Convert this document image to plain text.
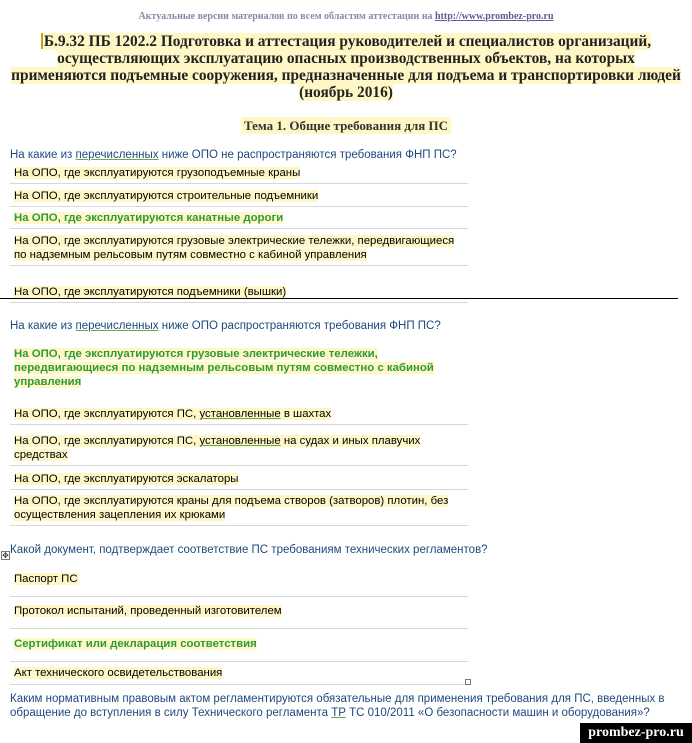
Актуальные версии материалов по всем областям аттестации на http://www.prombez-pro.ru
Б.9.32 ПБ 1202.2 Подготовка и аттестация руководителей и специалистов организаций, осуществляющих эксплуатацию опасных производственных объектов, на которых применяются подъемные сооружения, предназначенные для подъема и транспортировки людей (ноябрь 2016)
Тема 1. Общие требования для ПС
На какие из перечисленных ниже ОПО не распространяются требования ФНП ПС?
На ОПО, где эксплуатируются грузоподъемные краны
На ОПО, где эксплуатируются строительные подъемники
На ОПО, где эксплуатируются канатные дороги
На ОПО, где эксплуатируются грузовые электрические тележки, передвигающиеся по надземным рельсовым путям совместно с кабиной управления
На ОПО, где эксплуатируются подъемники (вышки)
На какие из перечисленных ниже ОПО распространяются требования ФНП ПС?
На ОПО, где эксплуатируются грузовые электрические тележки, передвигающиеся по надземным рельсовым путям совместно с кабиной управления
На ОПО, где эксплуатируются ПС, установленные в шахтах
На ОПО, где эксплуатируются ПС, установленные на судах и иных плавучих средствах
На ОПО, где эксплуатируются эскалаторы
На ОПО, где эксплуатируются краны для подъема створов (затворов) плотин, без осуществления зацепления их крюками
✥ Какой документ, подтверждает соответствие ПС требованиям технических регламентов?
Паспорт ПС
Протокол испытаний, проведенный изготовителем
Сертификат или декларация соответствия
Акт технического освидетельствования
Каким нормативным правовым актом регламентируются обязательные для применения требования для ПС, введенных в обращение до вступления в силу Технического регламента ТР ТС 010/2011 «О безопасности машин и оборудования»?
prombez-pro.ru
